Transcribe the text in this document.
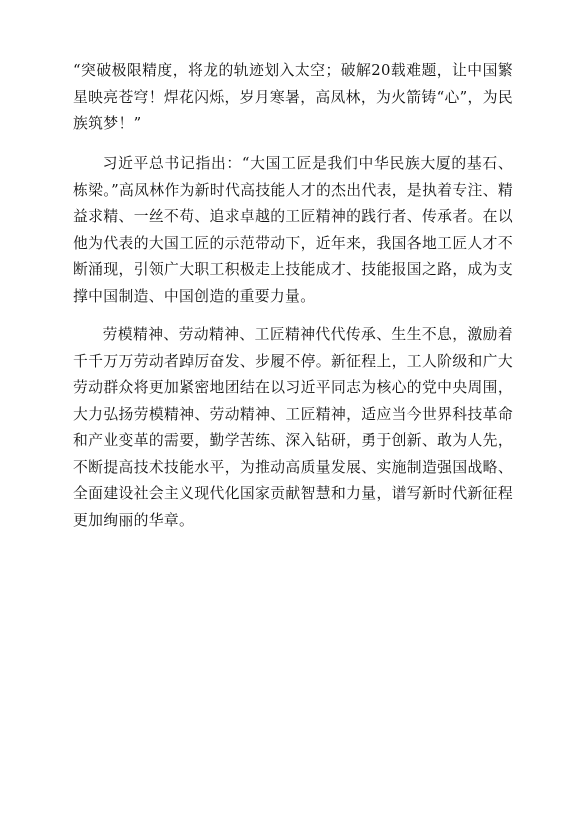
“突破极限精度，将龙的轨迹划入太空；破解20载难题，让中国繁星映亮苍穹！焊花闪烁，岁月寒暑，高凤林，为火箭铸“心”，为民族筑梦！”

习近平总书记指出：“大国工匠是我们中华民族大厦的基石、栋梁。”高凤林作为新时代高技能人才的杰出代表，是执着专注、精益求精、一丝不苟、追求卓越的工匠精神的践行者、传承者。在以他为代表的大国工匠的示范带动下，近年来，我国各地工匠人才不断涌现，引领广大职工积极走上技能成才、技能报国之路，成为支撑中国制造、中国创造的重要力量。

劳模精神、劳动精神、工匠精神代代传承、生生不息，激励着千千万万劳动者踔厉奋发、步履不停。新征程上，工人阶级和广大劳动群众将更加紧密地团结在以习近平同志为核心的党中央周围，大力弘扬劳模精神、劳动精神、工匠精神，适应当今世界科技革命和产业变革的需要，勤学苦练、深入钻研，勇于创新、敢为人先，不断提高技术技能水平，为推动高质量发展、实施制造强国战略、全面建设社会主义现代化国家贡献智慧和力量，谱写新时代新征程更加绚丽的华章。
